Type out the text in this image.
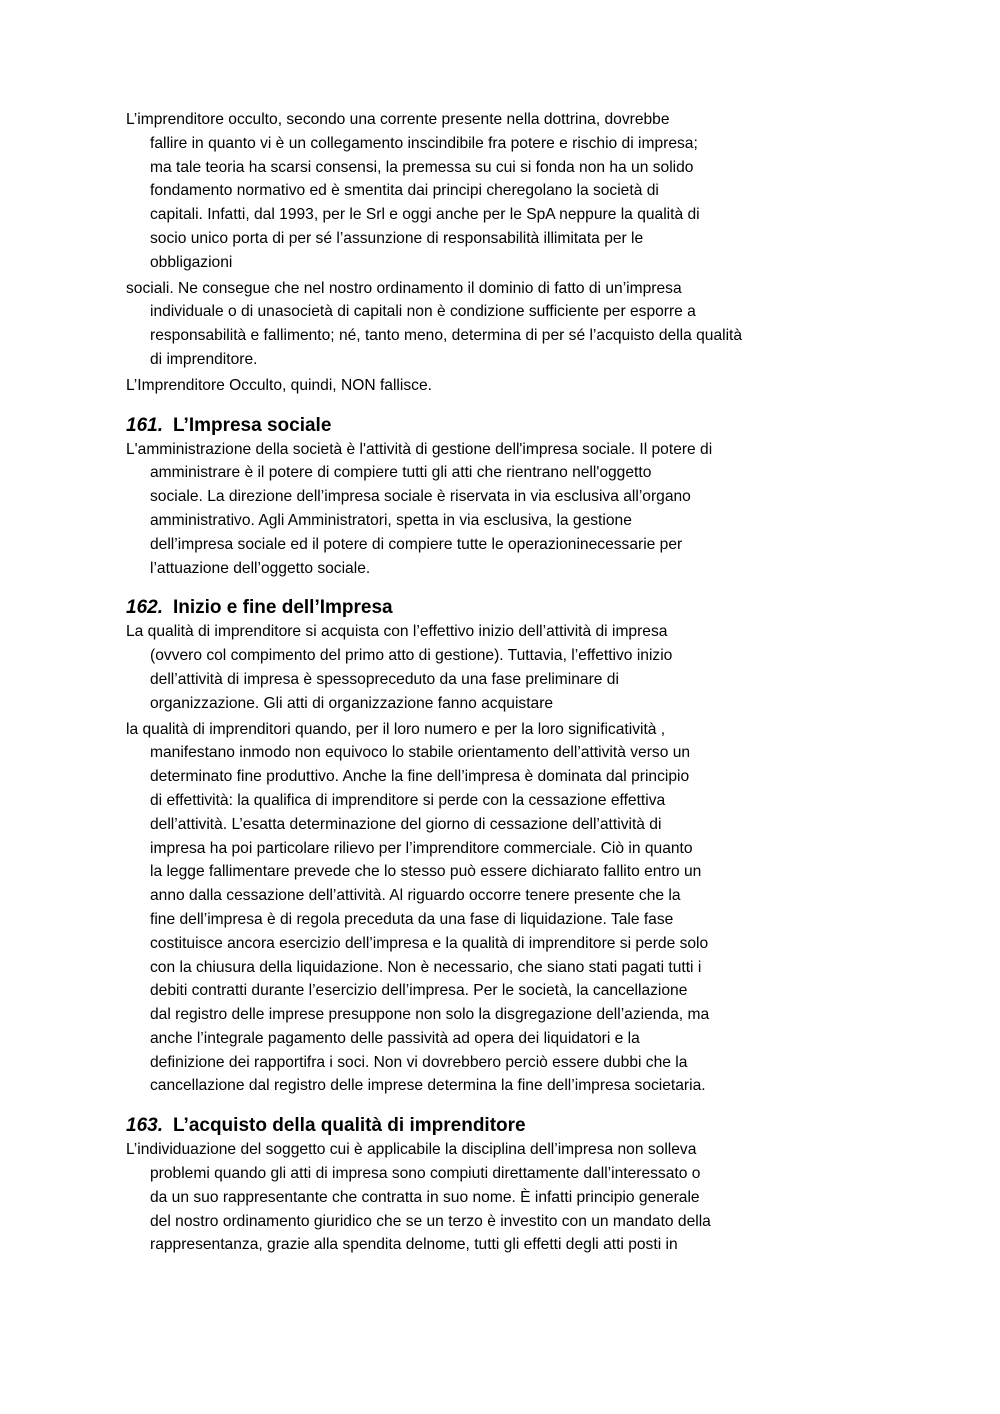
L’imprenditore occulto, secondo una corrente presente nella dottrina, dovrebbe
fallire in quanto vi è un collegamento inscindibile fra potere e rischio di impresa;
ma tale teoria ha scarsi consensi, la premessa su cui si fonda non ha un solido
fondamento normativo ed è smentita dai principi cheregolano la società di
capitali. Infatti, dal 1993, per le Srl e oggi anche per le SpA neppure la qualità di
socio unico porta di per sé l’assunzione di responsabilità illimitata per le
obbligazioni
sociali. Ne consegue che nel nostro ordinamento il dominio di fatto di un’impresa
individuale o di unasocietà di capitali non è condizione sufficiente per esporre a
responsabilità e fallimento; né, tanto meno, determina di per sé l’acquisto della qualità
di imprenditore.
L’Imprenditore Occulto, quindi, NON fallisce.
161. L’Impresa sociale
L'amministrazione della società è l'attività di gestione dell'impresa sociale. Il potere di
amministrare è il potere di compiere tutti gli atti che rientrano nell'oggetto
sociale. La direzione dell’impresa sociale è riservata in via esclusiva all’organo
amministrativo. Agli Amministratori, spetta in via esclusiva, la gestione
dell’impresa sociale ed il potere di compiere tutte le operazioninecessarie per
l’attuazione dell’oggetto sociale.
162. Inizio e fine dell’Impresa
La qualità di imprenditore si acquista con l’effettivo inizio dell’attività di impresa
(ovvero col compimento del primo atto di gestione). Tuttavia, l’effettivo inizio
dell’attività di impresa è spessopreceduto da una fase preliminare di
organizzazione. Gli atti di organizzazione fanno acquistare
la qualità di imprenditori quando, per il loro numero e per la loro significatività ,
manifestano inmodo non equivoco lo stabile orientamento dell’attività verso un
determinato fine produttivo. Anche la fine dell’impresa è dominata dal principio
di effettività: la qualifica di imprenditore si perde con la cessazione effettiva
dell’attività. L’esatta determinazione del giorno di cessazione dell’attività di
impresa ha poi particolare rilievo per l’imprenditore commerciale. Ciò in quanto
la legge fallimentare prevede che lo stesso può essere dichiarato fallito entro un
anno dalla cessazione dell’attività. Al riguardo occorre tenere presente che la
fine dell’impresa è di regola preceduta da una fase di liquidazione. Tale fase
costituisce ancora esercizio dell’impresa e la qualità di imprenditore si perde solo
con la chiusura della liquidazione. Non è necessario, che siano stati pagati tutti i
debiti contratti durante l’esercizio dell’impresa. Per le società, la cancellazione
dal registro delle imprese presuppone non solo la disgregazione dell’azienda, ma
anche l’integrale pagamento delle passività ad opera dei liquidatori e la
definizione dei rapportifra i soci. Non vi dovrebbero perciò essere dubbi che la
cancellazione dal registro delle imprese determina la fine dell’impresa societaria.
163. L’acquisto della qualità di imprenditore
L’individuazione del soggetto cui è applicabile la disciplina dell’impresa non solleva
problemi quando gli atti di impresa sono compiuti direttamente dall’interessato o
da un suo rappresentante che contratta in suo nome. È infatti principio generale
del nostro ordinamento giuridico che se un terzo è investito con un mandato della
rappresentanza, grazie alla spendita delnome, tutti gli effetti degli atti posti in
